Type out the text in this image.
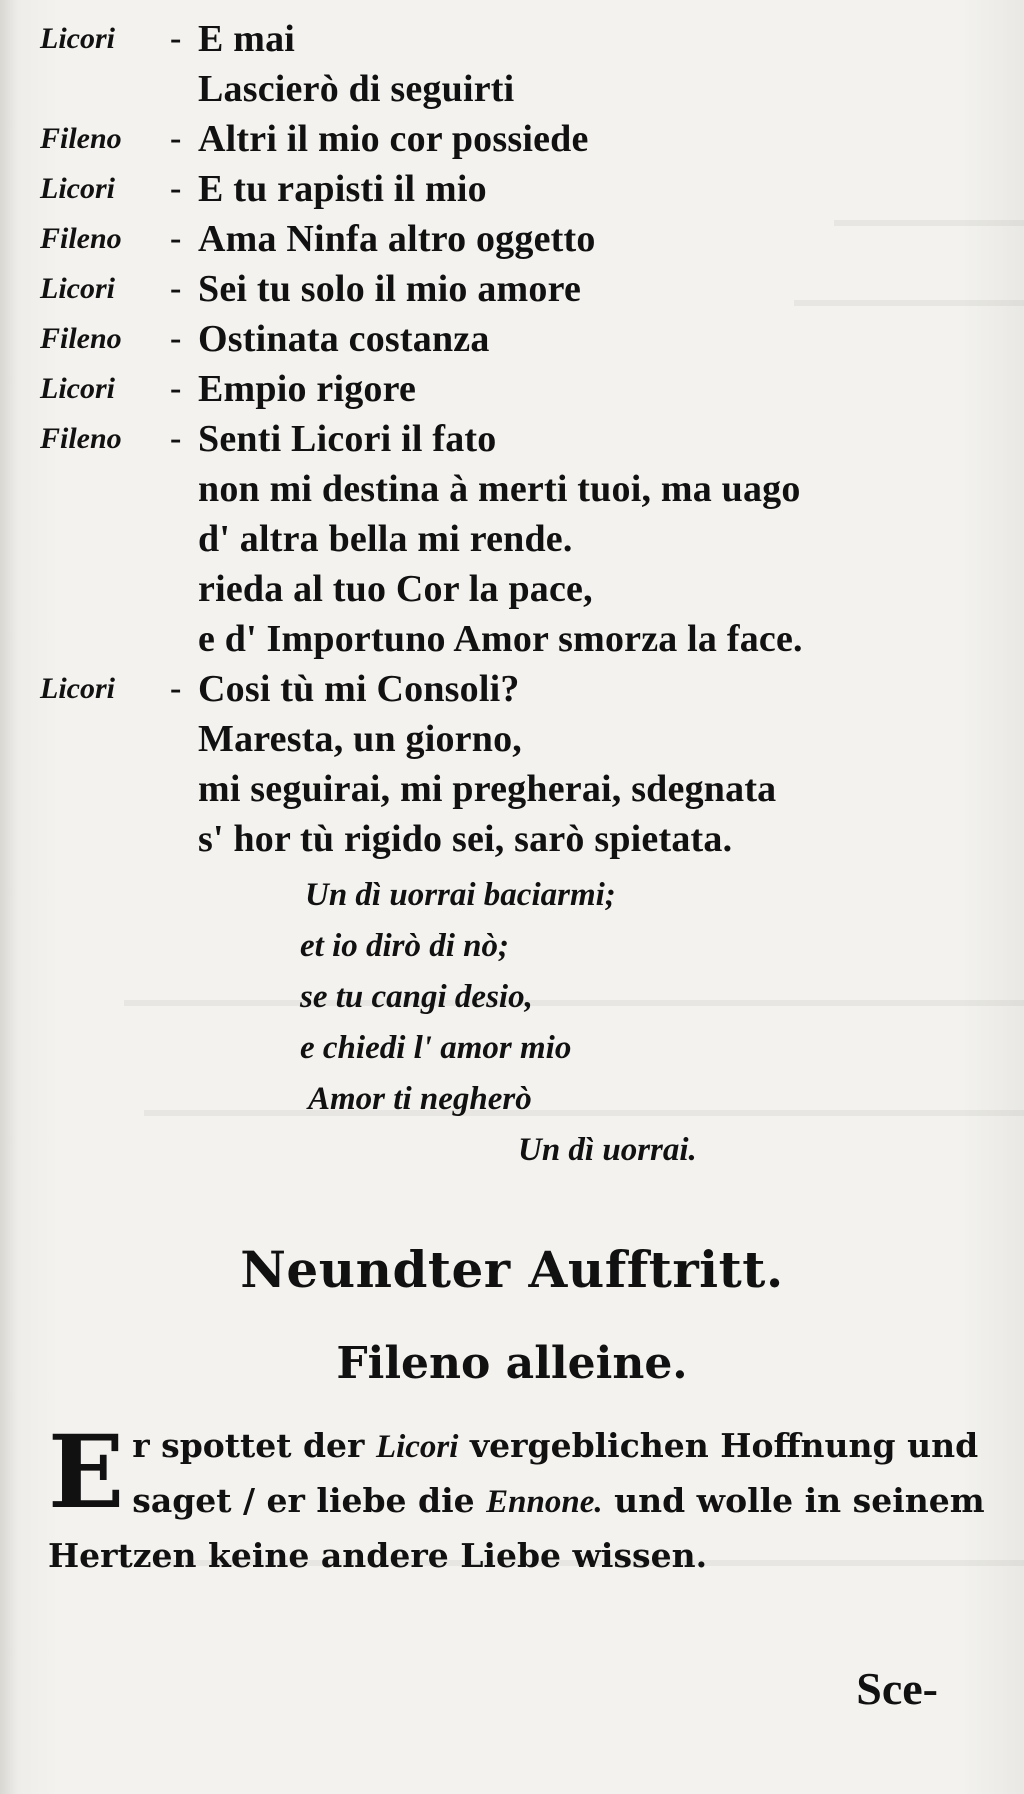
Licori	- E mai
Lascierò di seguirti
Fileno	- Altri il mio cor possiede
Licori	- E tu rapisti il mio
Fileno	- Ama Ninfa altro oggetto
Licori	- Sei tu solo il mio amore
Fileno	- Ostinata costanza
Licori	- Empio rigore
Fileno	- Senti Licori il fato
non mi destina à merti tuoi, ma uago
d' altra bella mi rende.
rieda al tuo Cor la pace,
e d' Importuno Amor smorza la face.
Licori	- Cosi tù mi Consoli?
Maresta, un giorno,
mi seguirai, mi pregherai, sdegnata
s' hor tù rigido sei, sarò spietata.
Un dì uorrai baciarmi;
et io dirò di nò;
se tu cangi desio,
e chiedi l' amor mio
Amor ti negherò
Un dì uorrai.
Neundter Aufftritt.
Fileno alleine.
E r spottet der Licori vergeblichen Hoffnung und
saget / er liebe die Ennone. und wolle in seinem
Hertzen keine andere Liebe wissen.
Sce-
